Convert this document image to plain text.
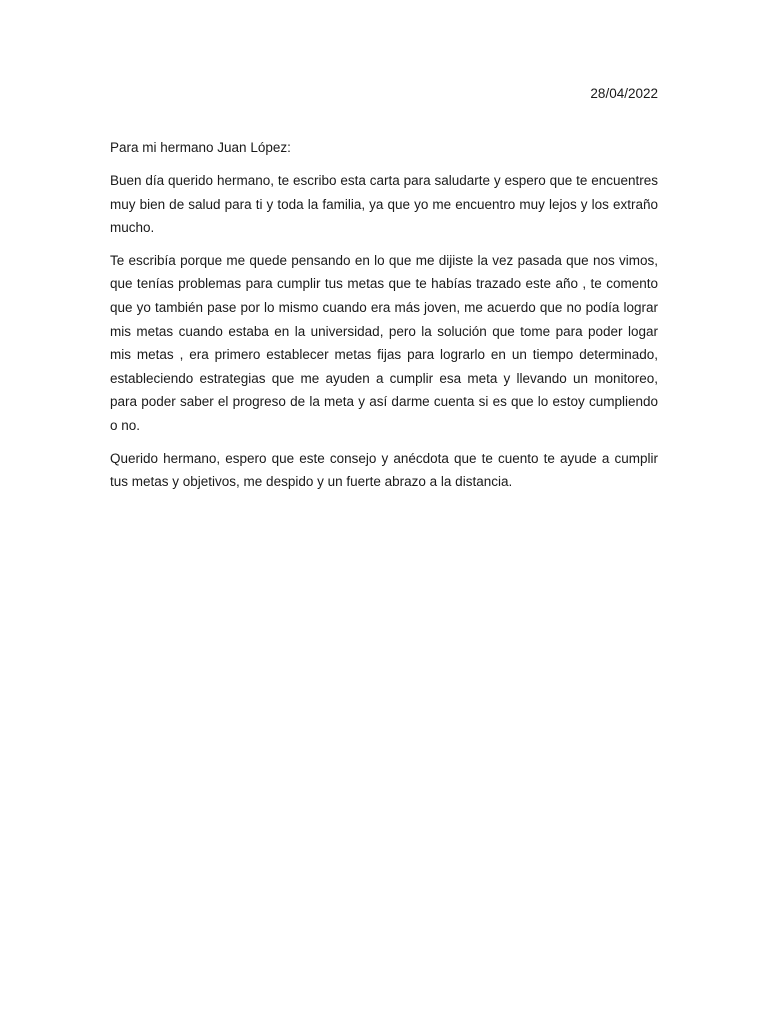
28/04/2022
Para mi hermano Juan López:

Buen día querido hermano, te escribo esta carta para saludarte y espero que te encuentres muy bien de salud para ti y toda la familia, ya que yo me encuentro muy lejos y los extraño mucho.

Te escribía porque me quede pensando en lo que me dijiste la vez pasada que nos vimos, que tenías problemas para cumplir tus metas que te habías trazado este año , te comento que yo también pase por lo mismo cuando era más joven, me acuerdo que no podía lograr mis metas cuando estaba en la universidad, pero la solución que tome para poder logar mis metas , era primero establecer metas fijas para lograrlo en un tiempo determinado, estableciendo estrategias que me ayuden a cumplir esa meta y llevando un monitoreo, para poder saber el progreso de la meta y así darme cuenta si es que lo estoy cumpliendo o no.

Querido hermano, espero que este consejo y anécdota que te cuento te ayude a cumplir tus metas y objetivos, me despido y un fuerte abrazo a la distancia.
